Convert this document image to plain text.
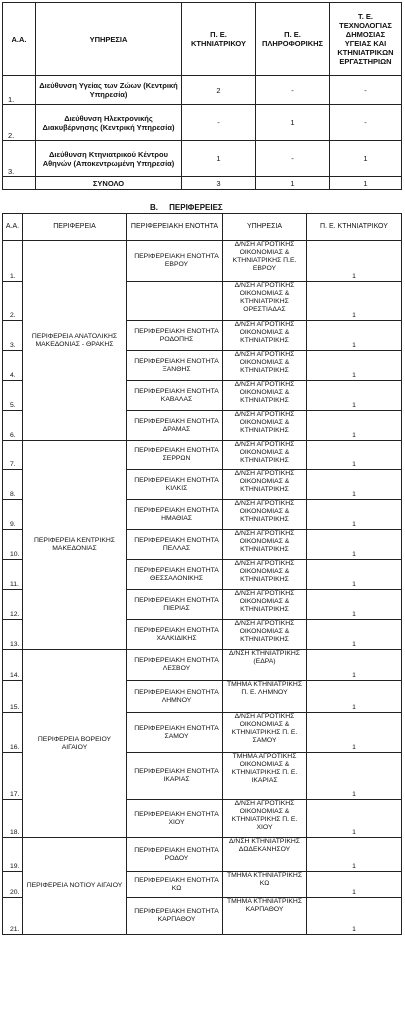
Α.Α.	ΥΠΗΡΕΣΙΑ	Π. Ε. ΚΤΗΝΙΑΤΡΙΚΟΥ	Π. Ε. ΠΛΗΡΟΦΟΡΙΚΗΣ	Τ. Ε. ΤΕΧΝΟΛΟΓΙΑΣ ΔΗΜΟΣΙΑΣ ΥΓΕΙΑΣ ΚΑΙ ΚΤΗΝΙΑΤΡΙΚΩΝ ΕΡΓΑΣΤΗΡΙΩΝ
1.	Διεύθυνση Υγείας των Ζώων (Κεντρική Υπηρεσία)	2	-	-
2.	Διεύθυνση Ηλεκτρονικής Διακυβέρνησης (Κεντρική Υπηρεσία)	-	1	-
3.	Διεύθυνση Κτηνιατρικού Κέντρου Αθηνών (Αποκεντρωμένη Υπηρεσία)	1	-	1
	ΣΥΝΟΛΟ	3	1	1
Β.     ΠΕΡΙΦΕΡΕΙΕΣ
Α.Α.	ΠΕΡΙΦΕΡΕΙΑ	ΠΕΡΙΦΕΡΕΙΑΚΗ ΕΝΟΤΗΤΑ	ΥΠΗΡΕΣΙΑ	Π. Ε. ΚΤΗΝΙΑΤΡΙΚΟΥ
1.	ΠΕΡΙΦΕΡΕΙΑ ΑΝΑΤΟΛΙΚΗΣ ΜΑΚΕΔΟΝΙΑΣ - ΘΡΑΚΗΣ	ΠΕΡΙΦΕΡΕΙΑΚΗ ΕΝΟΤΗΤΑ ΕΒΡΟΥ	Δ/ΝΣΗ ΑΓΡΟΤΙΚΗΣ ΟΙΚΟΝΟΜΙΑΣ & ΚΤΗΝΙΑΤΡΙΚΗΣ Π.Ε. ΕΒΡΟΥ	1
2.			Δ/ΝΣΗ ΑΓΡΟΤΙΚΗΣ ΟΙΚΟΝΟΜΙΑΣ & ΚΤΗΝΙΑΤΡΙΚΗΣ ΟΡΕΣΤΙΑΔΑΣ	1
3.		ΠΕΡΙΦΕΡΕΙΑΚΗ ΕΝΟΤΗΤΑ ΡΟΔΟΠΗΣ	Δ/ΝΣΗ ΑΓΡΟΤΙΚΗΣ ΟΙΚΟΝΟΜΙΑΣ & ΚΤΗΝΙΑΤΡΙΚΗΣ	1
4.		ΠΕΡΙΦΕΡΕΙΑΚΗ ΕΝΟΤΗΤΑ ΞΑΝΘΗΣ	Δ/ΝΣΗ ΑΓΡΟΤΙΚΗΣ ΟΙΚΟΝΟΜΙΑΣ & ΚΤΗΝΙΑΤΡΙΚΗΣ	1
5.		ΠΕΡΙΦΕΡΕΙΑΚΗ ΕΝΟΤΗΤΑ ΚΑΒΑΛΑΣ	Δ/ΝΣΗ ΑΓΡΟΤΙΚΗΣ ΟΙΚΟΝΟΜΙΑΣ & ΚΤΗΝΙΑΤΡΙΚΗΣ	1
6.		ΠΕΡΙΦΕΡΕΙΑΚΗ ΕΝΟΤΗΤΑ ΔΡΑΜΑΣ	Δ/ΝΣΗ ΑΓΡΟΤΙΚΗΣ ΟΙΚΟΝΟΜΙΑΣ & ΚΤΗΝΙΑΤΡΙΚΗΣ	1
7.	ΠΕΡΙΦΕΡΕΙΑ ΚΕΝΤΡΙΚΗΣ ΜΑΚΕΔΟΝΙΑΣ	ΠΕΡΙΦΕΡΕΙΑΚΗ ΕΝΟΤΗΤΑ ΣΕΡΡΩΝ	Δ/ΝΣΗ ΑΓΡΟΤΙΚΗΣ ΟΙΚΟΝΟΜΙΑΣ & ΚΤΗΝΙΑΤΡΙΚΗΣ	1
8.		ΠΕΡΙΦΕΡΕΙΑΚΗ ΕΝΟΤΗΤΑ ΚΙΛΚΙΣ	Δ/ΝΣΗ ΑΓΡΟΤΙΚΗΣ ΟΙΚΟΝΟΜΙΑΣ & ΚΤΗΝΙΑΤΡΙΚΗΣ	1
9.		ΠΕΡΙΦΕΡΕΙΑΚΗ ΕΝΟΤΗΤΑ ΗΜΑΘΙΑΣ	Δ/ΝΣΗ ΑΓΡΟΤΙΚΗΣ ΟΙΚΟΝΟΜΙΑΣ & ΚΤΗΝΙΑΤΡΙΚΗΣ	1
10.		ΠΕΡΙΦΕΡΕΙΑΚΗ ΕΝΟΤΗΤΑ ΠΕΛΛΑΣ	Δ/ΝΣΗ ΑΓΡΟΤΙΚΗΣ ΟΙΚΟΝΟΜΙΑΣ & ΚΤΗΝΙΑΤΡΙΚΗΣ	1
11.		ΠΕΡΙΦΕΡΕΙΑΚΗ ΕΝΟΤΗΤΑ ΘΕΣΣΑΛΟΝΙΚΗΣ	Δ/ΝΣΗ ΑΓΡΟΤΙΚΗΣ ΟΙΚΟΝΟΜΙΑΣ & ΚΤΗΝΙΑΤΡΙΚΗΣ	1
12.		ΠΕΡΙΦΕΡΕΙΑΚΗ ΕΝΟΤΗΤΑ ΠΙΕΡΙΑΣ	Δ/ΝΣΗ ΑΓΡΟΤΙΚΗΣ ΟΙΚΟΝΟΜΙΑΣ & ΚΤΗΝΙΑΤΡΙΚΗΣ	1
13.		ΠΕΡΙΦΕΡΕΙΑΚΗ ΕΝΟΤΗΤΑ ΧΑΛΚΙΔΙΚΗΣ	Δ/ΝΣΗ ΑΓΡΟΤΙΚΗΣ ΟΙΚΟΝΟΜΙΑΣ & ΚΤΗΝΙΑΤΡΙΚΗΣ	1
14.	ΠΕΡΙΦΕΡΕΙΑ ΒΟΡΕΙΟΥ ΑΙΓΑΙΟΥ	ΠΕΡΙΦΕΡΕΙΑΚΗ ΕΝΟΤΗΤΑ ΛΕΣΒΟΥ	Δ/ΝΣΗ ΚΤΗΝΙΑΤΡΙΚΗΣ (ΕΔΡΑ)	1
15.		ΠΕΡΙΦΕΡΕΙΑΚΗ ΕΝΟΤΗΤΑ ΛΗΜΝΟΥ	ΤΜΗΜΑ ΚΤΗΝΙΑΤΡΙΚΗΣ Π. Ε. ΛΗΜΝΟΥ	1
16.		ΠΕΡΙΦΕΡΕΙΑΚΗ ΕΝΟΤΗΤΑ ΣΑΜΟΥ	Δ/ΝΣΗ ΑΓΡΟΤΙΚΗΣ ΟΙΚΟΝΟΜΙΑΣ & ΚΤΗΝΙΑΤΡΙΚΗΣ Π. Ε. ΣΑΜΟΥ	1
17.		ΠΕΡΙΦΕΡΕΙΑΚΗ ΕΝΟΤΗΤΑ ΙΚΑΡΙΑΣ	ΤΜΗΜΑ ΑΓΡΟΤΙΚΗΣ ΟΙΚΟΝΟΜΙΑΣ & ΚΤΗΝΙΑΤΡΙΚΗΣ Π. Ε. ΙΚΑΡΙΑΣ	1
18.		ΠΕΡΙΦΕΡΕΙΑΚΗ ΕΝΟΤΗΤΑ ΧΙΟΥ	Δ/ΝΣΗ ΑΓΡΟΤΙΚΗΣ ΟΙΚΟΝΟΜΙΑΣ & ΚΤΗΝΙΑΤΡΙΚΗΣ Π. Ε. ΧΙΟΥ	1
19.	ΠΕΡΙΦΕΡΕΙΑ ΝΟΤΙΟΥ ΑΙΓΑΙΟΥ	ΠΕΡΙΦΕΡΕΙΑΚΗ ΕΝΟΤΗΤΑ ΡΟΔΟΥ	Δ/ΝΣΗ ΚΤΗΝΙΑΤΡΙΚΗΣ ΔΩΔΕΚΑΝΗΣΟΥ	1
20.		ΠΕΡΙΦΕΡΕΙΑΚΗ ΕΝΟΤΗΤΑ ΚΩ	ΤΜΗΜΑ ΚΤΗΝΙΑΤΡΙΚΗΣ ΚΩ	1
21.		ΠΕΡΙΦΕΡΕΙΑΚΗ ΕΝΟΤΗΤΑ ΚΑΡΠΑΘΟΥ	ΤΜΗΜΑ ΚΤΗΝΙΑΤΡΙΚΗΣ ΚΑΡΠΑΘΟΥ	1
